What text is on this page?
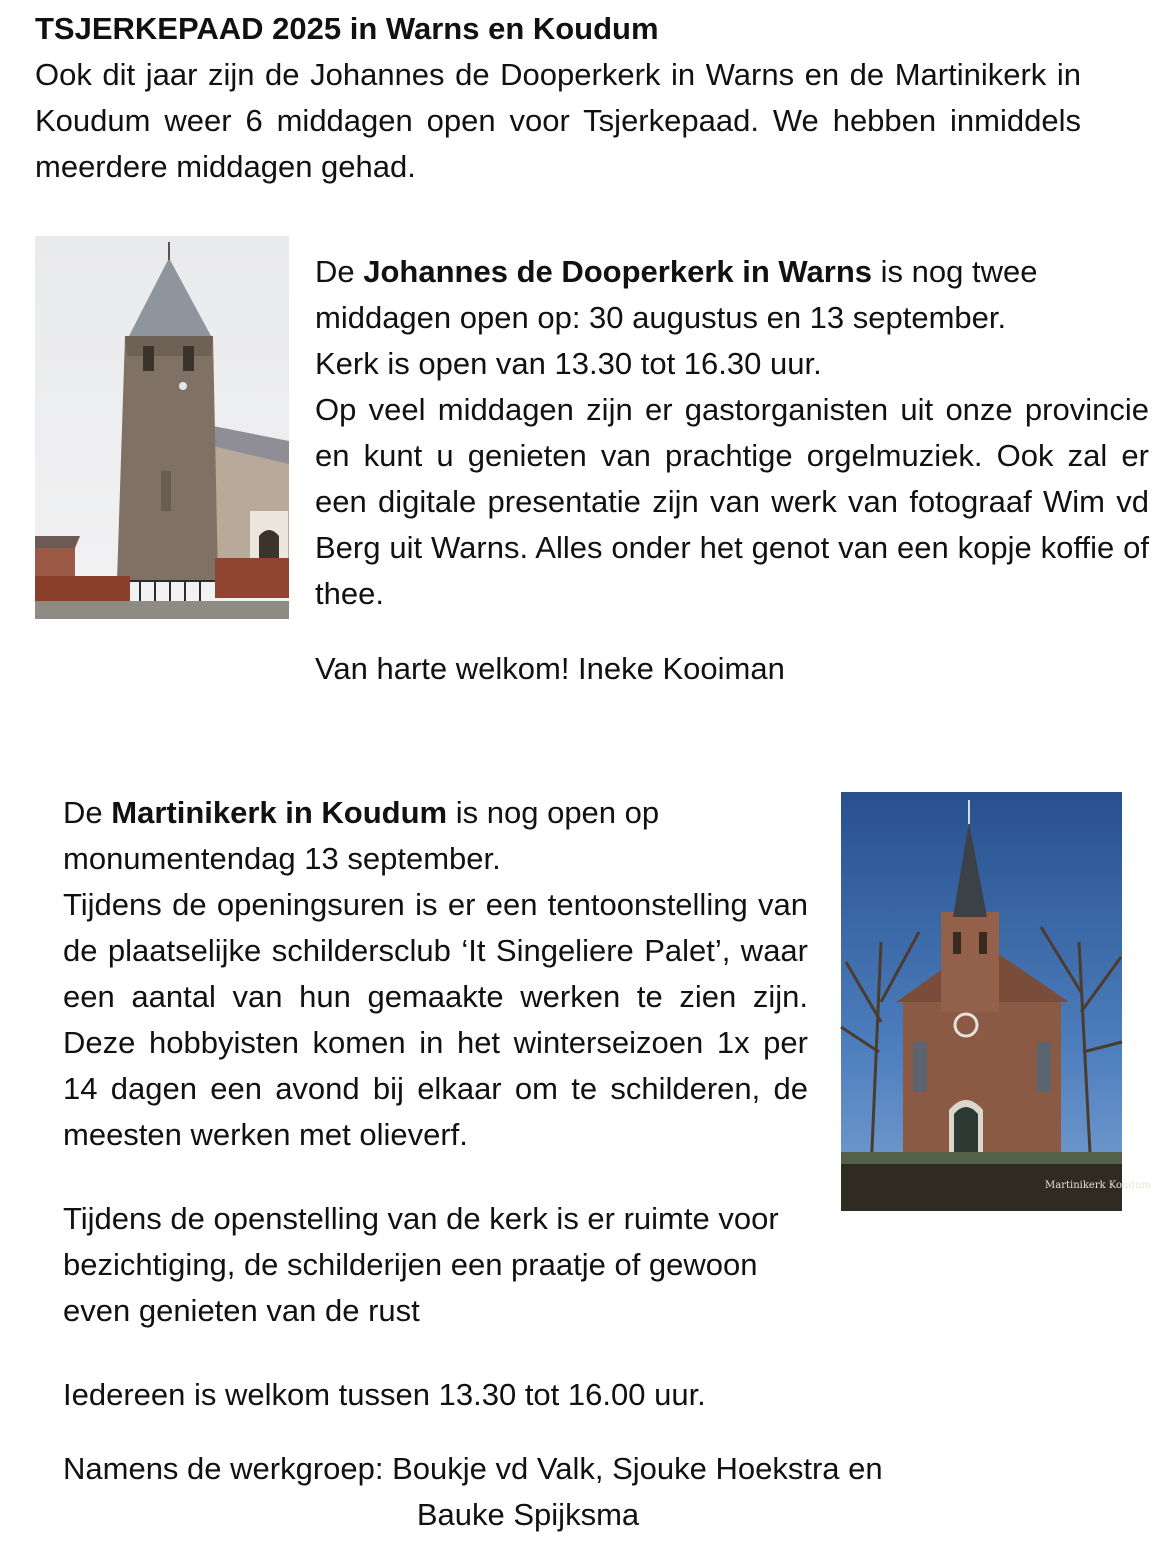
TSJERKEPAAD 2025 in Warns en Koudum

Ook dit jaar zijn de Johannes de Dooperkerk in Warns en de Martinikerk in Koudum weer 6 middagen open voor Tsjerkepaad. We hebben inmiddels meerdere middagen gehad.

De Johannes de Dooperkerk in Warns is nog twee middagen open op: 30 augustus en 13 september.

Kerk is open van 13.30 tot 16.30 uur.

Op veel middagen zijn er gastorganisten uit onze provincie en kunt u genieten van prachtige orgelmuziek. Ook zal er een digitale presentatie zijn van werk van fotograaf Wim vd Berg uit Warns. Alles onder het genot van een kopje koffie of thee.

Van harte welkom! Ineke Kooiman

De Martinikerk in Koudum is nog open op monumentendag 13 september.

Tijdens de openingsuren is er een tentoonstelling van de plaatselijke schildersclub ‘It Singeliere Palet’, waar een aantal van hun gemaakte werken te zien zijn. Deze hobbyisten komen in het winterseizoen 1x per 14 dagen een avond bij elkaar om te schilderen, de meesten werken met olieverf.

Martinikerk Koudum

Tijdens de openstelling van de kerk is er ruimte voor bezichtiging, de schilderijen een praatje of gewoon even genieten van de rust

Iedereen is welkom tussen 13.30 tot 16.00 uur.

Namens de werkgroep: Boukje vd Valk, Sjouke Hoekstra en
Bauke Spijksma
